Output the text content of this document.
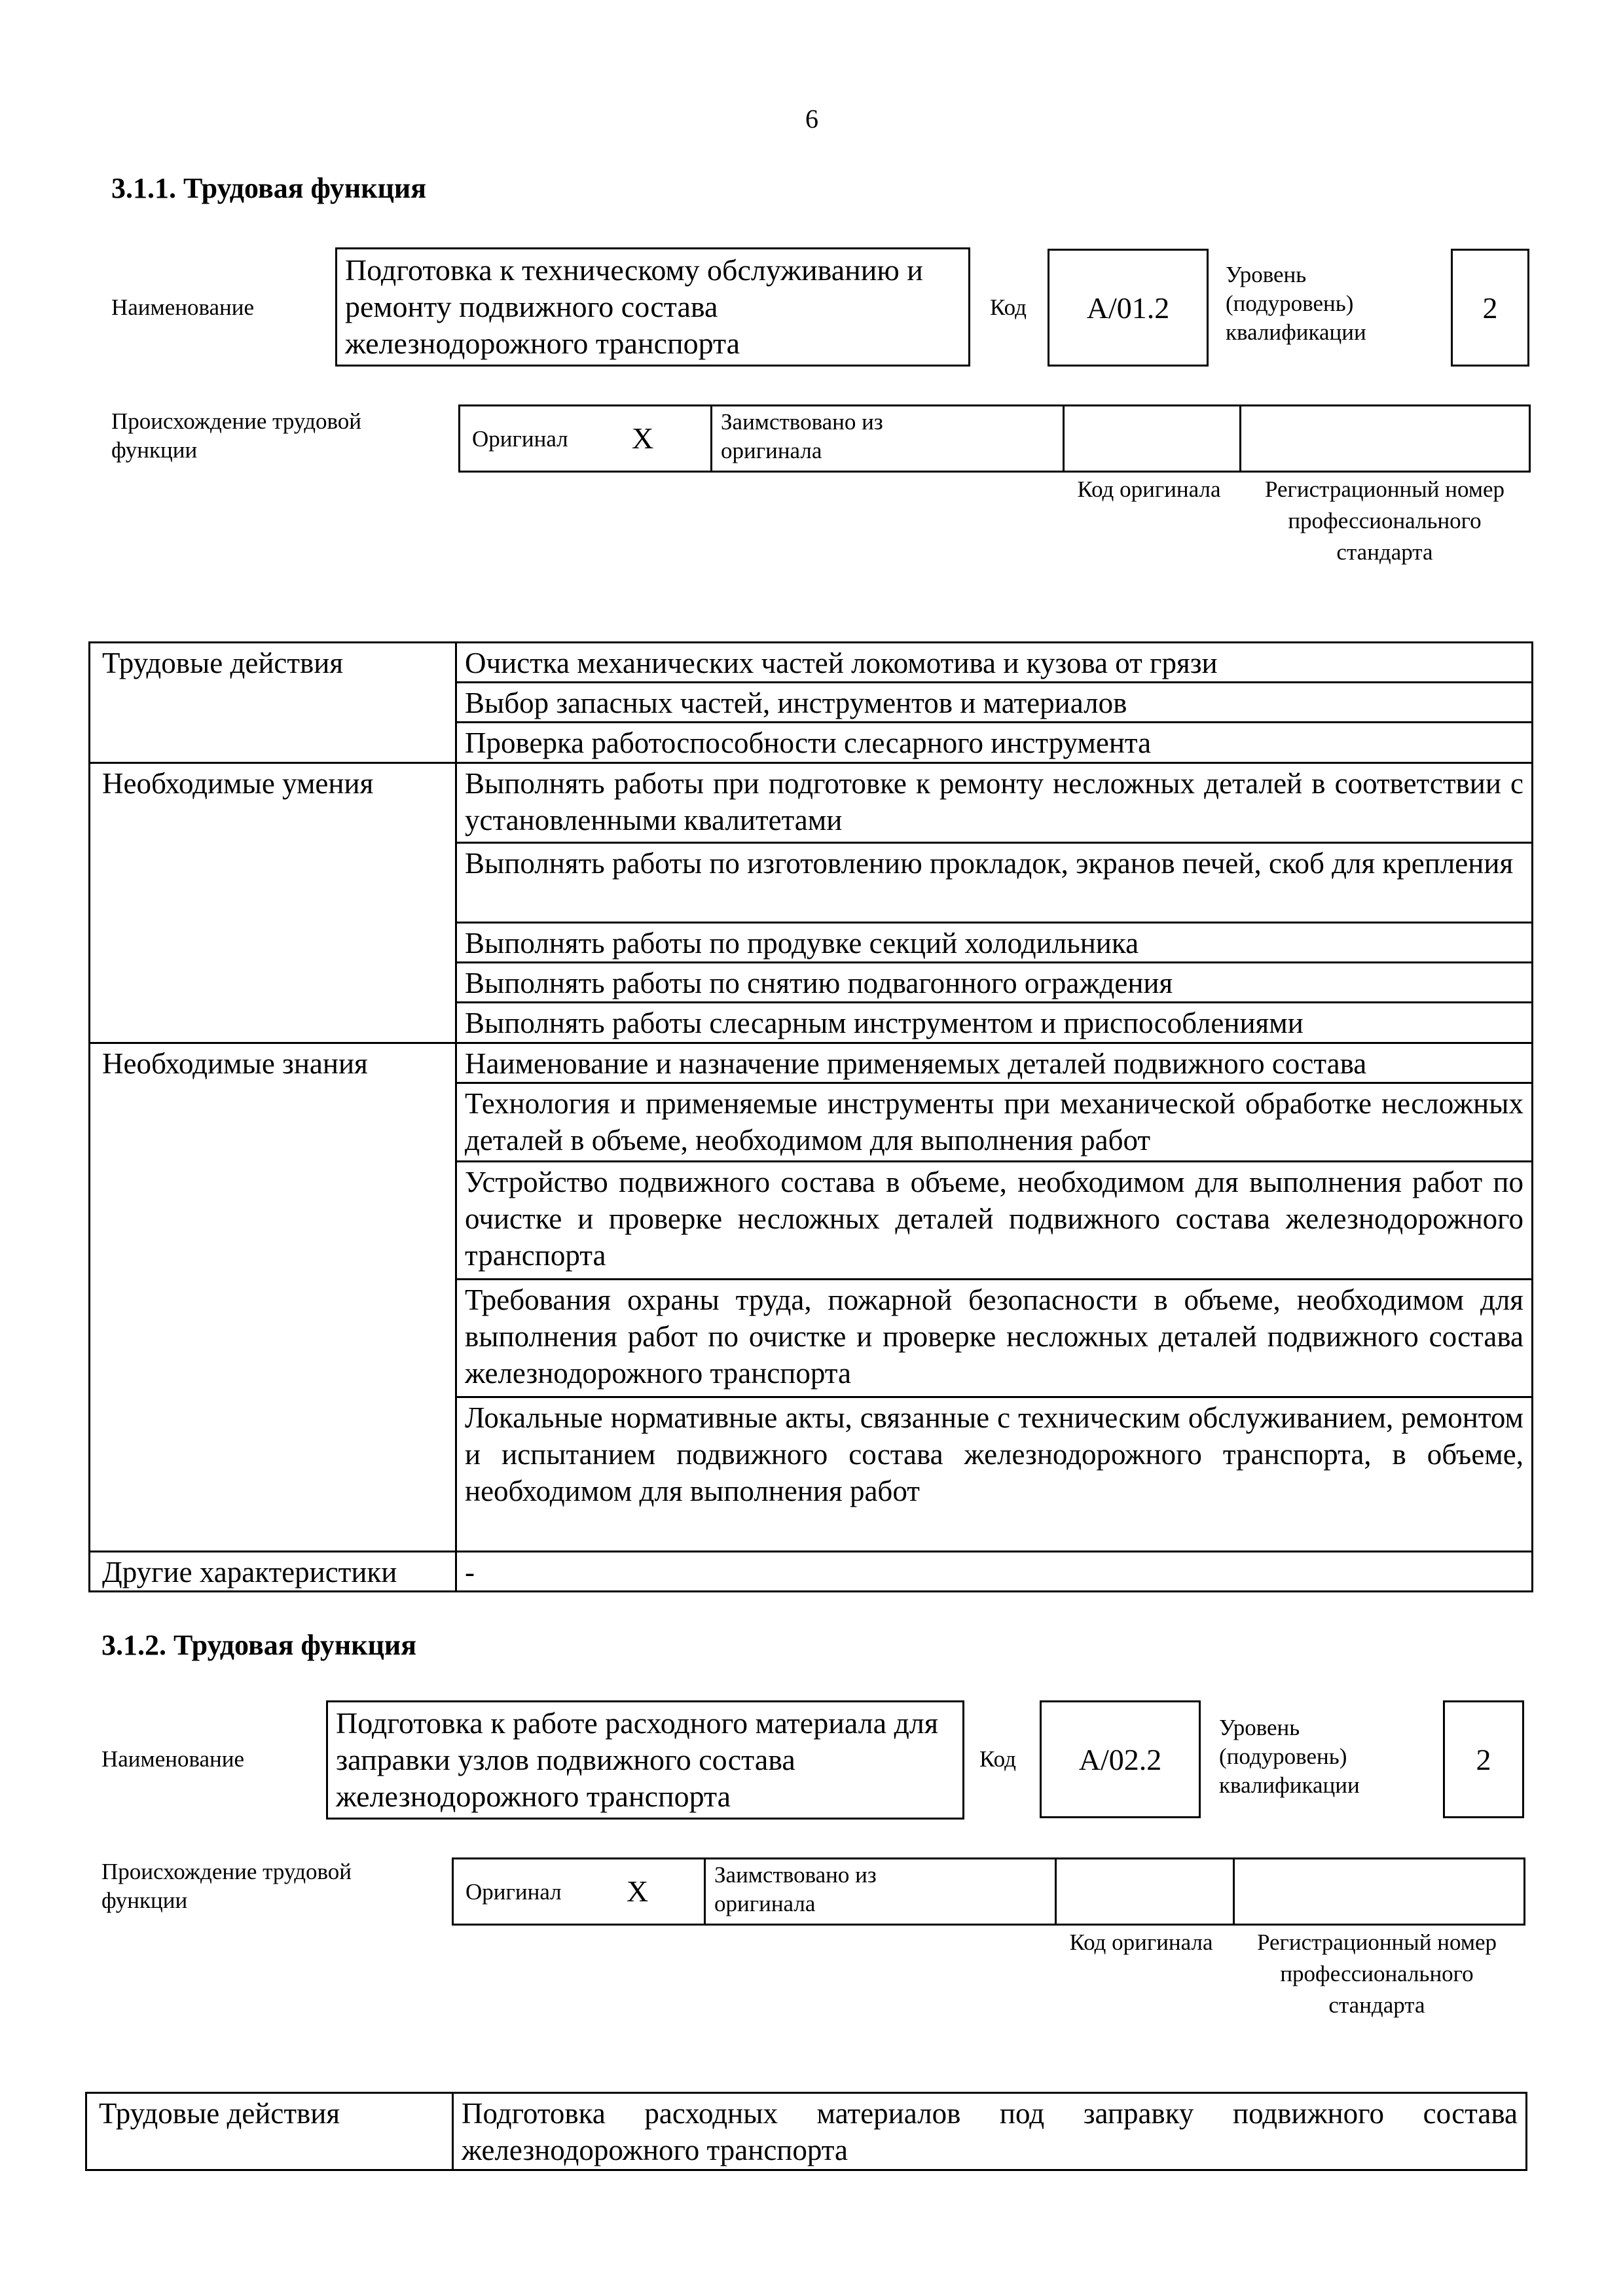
6
3.1.1. Трудовая функция
Наименование
Подготовка к техническому обслуживанию и ремонту подвижного состава железнодорожного транспорта
Код	A/01.2
Уровень (подуровень) квалификации
2
Происхождение трудовой функции	Оригинал X	Заимствовано из оригинала
Код оригинала	Регистрационный номер профессионального стандарта
Трудовые действия	Очистка механических частей локомотива и кузова от грязи
	Выбор запасных частей, инструментов и материалов
	Проверка работоспособности слесарного инструмента
Необходимые умения	Выполнять работы при подготовке к ремонту несложных деталей в соответствии с установленными квалитетами
	Выполнять работы по изготовлению прокладок, экранов печей, скоб для крепления
	Выполнять работы по продувке секций холодильника
	Выполнять работы по снятию подвагонного ограждения
	Выполнять работы слесарным инструментом и приспособлениями
Необходимые знания	Наименование и назначение применяемых деталей подвижного состава
	Технология и применяемые инструменты при механической обработке несложных деталей в объеме, необходимом для выполнения работ
	Устройство подвижного состава в объеме, необходимом для выполнения работ по очистке и проверке несложных деталей подвижного состава железнодорожного транспорта
	Требования охраны труда, пожарной безопасности в объеме, необходимом для выполнения работ по очистке и проверке несложных деталей подвижного состава железнодорожного транспорта
	Локальные нормативные акты, связанные с техническим обслуживанием, ремонтом и испытанием подвижного состава железнодорожного транспорта, в объеме, необходимом для выполнения работ
Другие характеристики	-
3.1.2. Трудовая функция
Наименование
Подготовка к работе расходного материала для заправки узлов подвижного состава железнодорожного транспорта
Код	A/02.2
Уровень (подуровень) квалификации
2
Происхождение трудовой функции	Оригинал X	Заимствовано из оригинала
Код оригинала	Регистрационный номер профессионального стандарта
Трудовые действия	Подготовка расходных материалов под заправку подвижного состава железнодорожного транспорта
